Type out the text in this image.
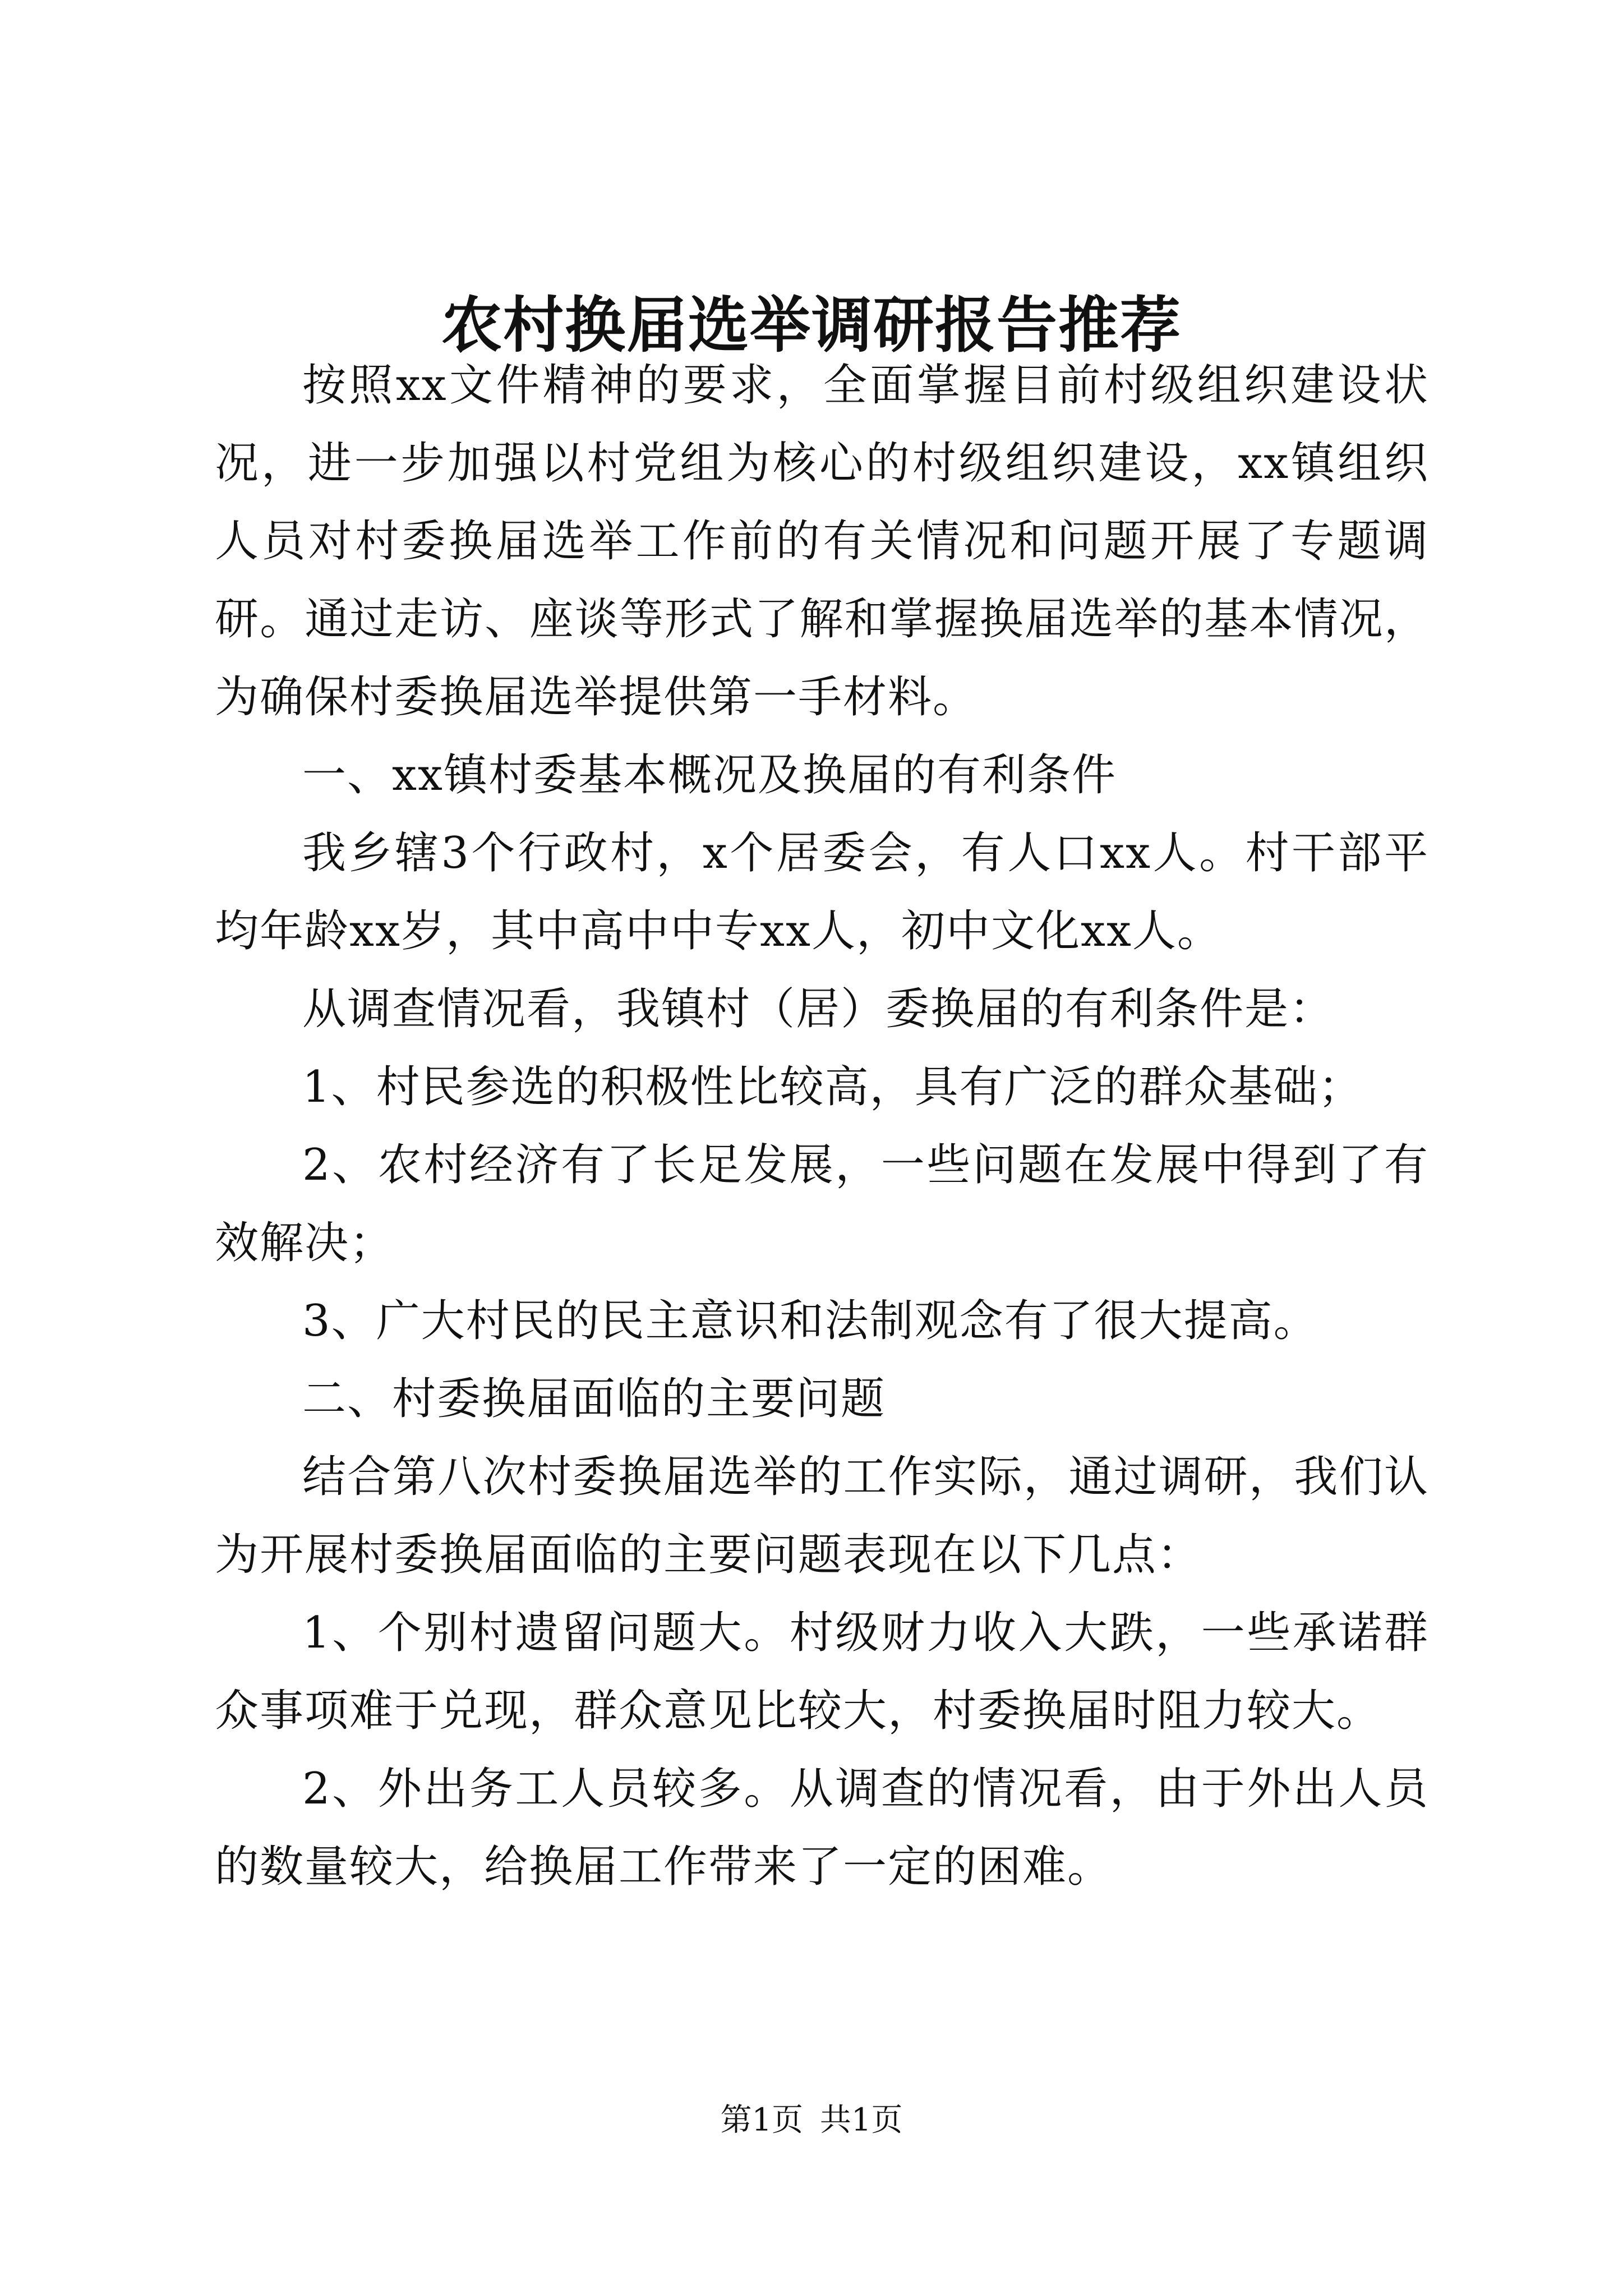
农村换届选举调研报告推荐

按照xx文件精神的要求，全面掌握目前村级组织建设状况，进一步加强以村党组为核心的村级组织建设，xx镇组织人员对村委换届选举工作前的有关情况和问题开展了专题调研。通过走访、座谈等形式了解和掌握换届选举的基本情况，为确保村委换届选举提供第一手材料。

一、xx镇村委基本概况及换届的有利条件

我乡辖3个行政村，x个居委会，有人口xx人。村干部平均年龄xx岁，其中高中中专xx人，初中文化xx人。

从调查情况看，我镇村（居）委换届的有利条件是：

1、村民参选的积极性比较高，具有广泛的群众基础；

2、农村经济有了长足发展，一些问题在发展中得到了有效解决；

3、广大村民的民主意识和法制观念有了很大提高。

二、村委换届面临的主要问题

结合第八次村委换届选举的工作实际，通过调研，我们认为开展村委换届面临的主要问题表现在以下几点：

1、个别村遗留问题大。村级财力收入大跌，一些承诺群众事项难于兑现，群众意见比较大，村委换届时阻力较大。

2、外出务工人员较多。从调查的情况看，由于外出人员的数量较大，给换届工作带来了一定的困难。

第1页 共1页
